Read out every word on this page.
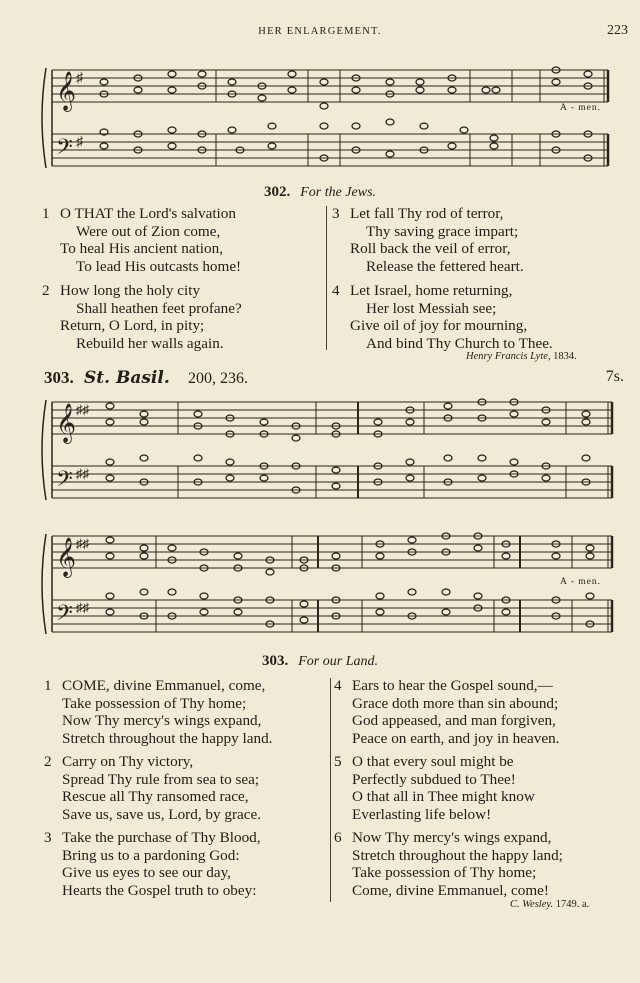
HER ENLARGEMENT.	223
𝄞
𝄢
♯
♯
A - men.
302. For the Jews.
1 O THAT the Lord's salvation
Were out of Zion come,
To heal His ancient nation,
To lead His outcasts home!
2 How long the holy city
Shall heathen feet profane?
Return, O Lord, in pity;
Rebuild her walls again.
3 Let fall Thy rod of terror,
Thy saving grace impart;
Roll back the veil of error,
Release the fettered heart.
4 Let Israel, home returning,
Her lost Messiah see;
Give oil of joy for mourning,
And bind Thy Church to Thee.
Henry Francis Lyte, 1834.
303. St. Basil. 200, 236.	7s.
𝄞
𝄢
♯♯
♯♯
𝄞
𝄢
♯♯
♯♯
A - men.
303. For our Land.
1 COME, divine Emmanuel, come,
Take possession of Thy home;
Now Thy mercy's wings expand,
Stretch throughout the happy land.
2 Carry on Thy victory,
Spread Thy rule from sea to sea;
Rescue all Thy ransomed race,
Save us, save us, Lord, by grace.
3 Take the purchase of Thy Blood,
Bring us to a pardoning God:
Give us eyes to see our day,
Hearts the Gospel truth to obey:
4 Ears to hear the Gospel sound,—
Grace doth more than sin abound;
God appeased, and man forgiven,
Peace on earth, and joy in heaven.
5 O that every soul might be
Perfectly subdued to Thee!
O that all in Thee might know
Everlasting life below!
6 Now Thy mercy's wings expand,
Stretch throughout the happy land;
Take possession of Thy home;
Come, divine Emmanuel, come!
C. Wesley. 1749. a.
